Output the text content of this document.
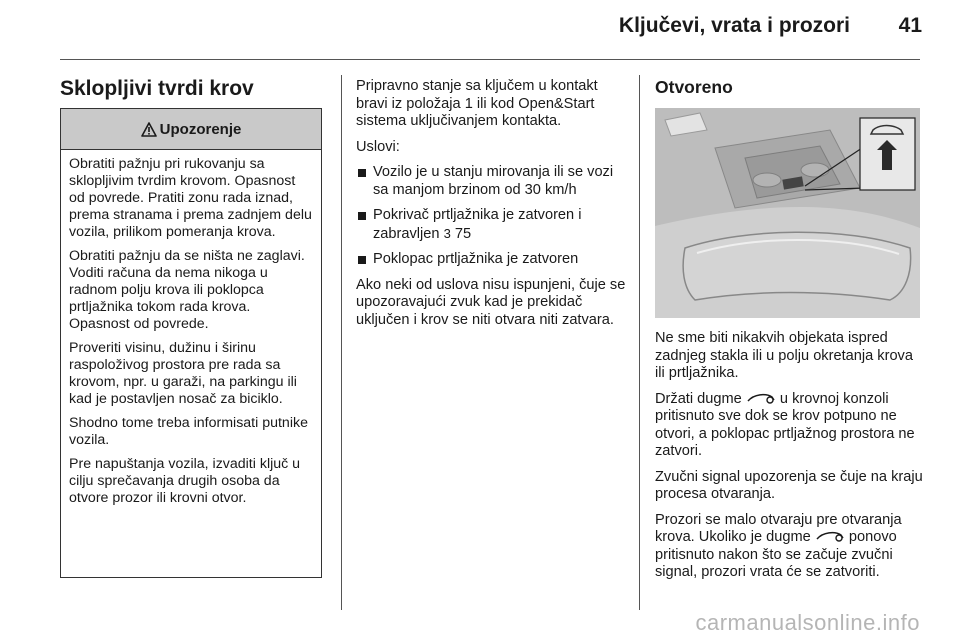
Ključevi, vrata i prozori 41
Sklopljivi tvrdi krov
Upozorenje

Obratiti pažnju pri rukovanju sa sklopljivim tvrdim krovom. Opasnost od povrede. Pratiti zonu rada iznad, prema stranama i prema zadnjem delu vozila, prilikom pomeranja krova.

Obratiti pažnju da se ništa ne zaglavi. Voditi računa da nema nikoga u radnom polju krova ili poklopca prtljažnika tokom rada krova. Opasnost od povrede.

Proveriti visinu, dužinu i širinu raspoloživog prostora pre rada sa krovom, npr. u garaži, na parkingu ili kad je postavljen nosač za biciklo.

Shodno tome treba informisati putnike vozila.

Pre napuštanja vozila, izvaditi ključ u cilju sprečavanja drugih osoba da otvore prozor ili krovni otvor.

Pripravno stanje sa ključem u kontakt bravi iz položaja 1 ili kod Open&Start sistema uključivanjem kontakta.

Uslovi:

Vozilo je u stanju mirovanja ili se vozi sa manjom brzinom od 30 km/h
Pokrivač prtljažnika je zatvoren i zabravljen 3 75
Poklopac prtljažnika je zatvoren

Ako neki od uslova nisu ispunjeni, čuje se upozoravajući zvuk kad je prekidač uključen i krov se niti otvara niti zatvara.

Otvoreno

Ne sme biti nikakvih objekata ispred zadnjeg stakla ili u polju okretanja krova ili prtljažnika.

Držati dugme  u krovnoj konzoli pritisnuto sve dok se krov potpuno ne otvori, a poklopac prtljažnog prostora ne zatvori.

Zvučni signal upozorenja se čuje na kraju procesa otvaranja.

Prozori se malo otvaraju pre otvaranja krova. Ukoliko je dugme  ponovo pritisnuto nakon što se začuje zvučni signal, prozori vrata će se zatvoriti.

carmanualsonline.info
